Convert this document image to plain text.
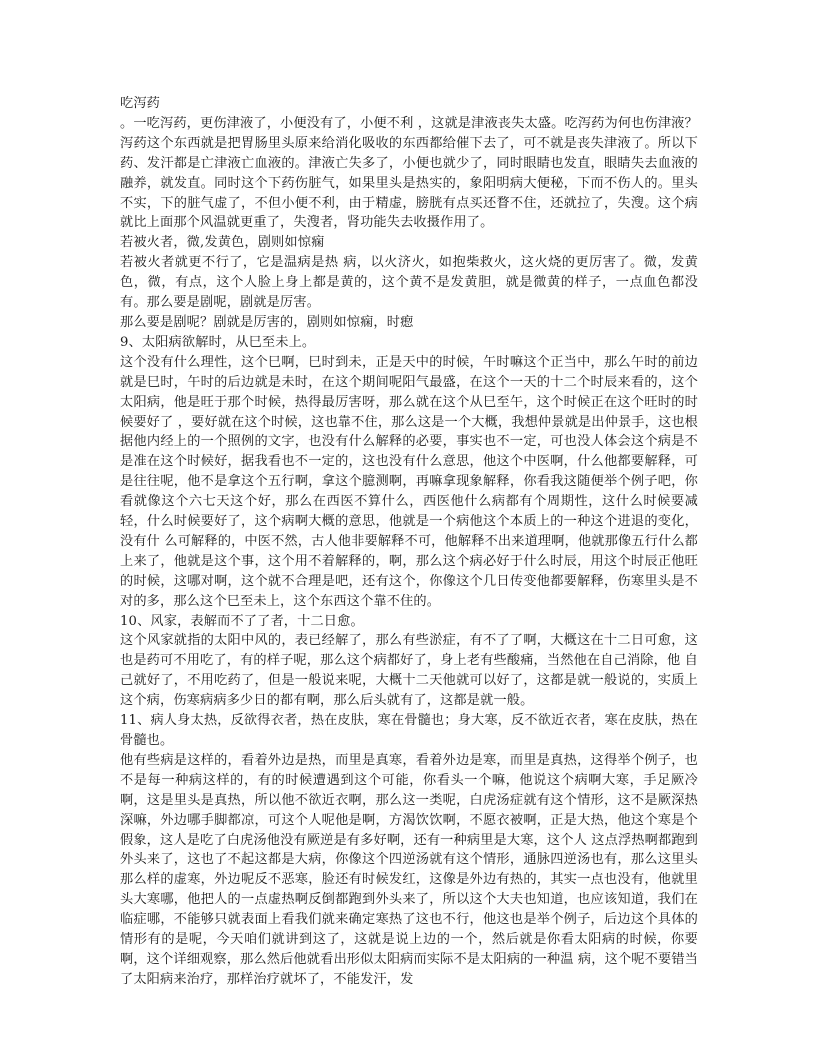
吃泻药

。一吃泻药，更伤津液了，小便没有了，小便不利 ，这就是津液丧失太盛。吃泻药为何也伤津液？

泻药这个东西就是把胃肠里头原来给消化吸收的东西都给催下去了，可不就是丧失津液了。所以下药、发汗都是亡津液亡血液的。津液亡失多了，小便也就少了，同时眼睛也发直，眼睛失去血液的融养，就发直。同时这个下药伤脏气，如果里头是热实的，象阳明病大便秘，下而不伤人的。里头不实，下的脏气虚了，不但小便不利，由于精虚，膀胱有点买还瞀不住，还就拉了，失溲。这个病就比上面那个风温就更重了，失溲者，肾功能失去收摄作用了。

若被火者，微,发黄色，剧则如惊痫

若被火者就更不行了，它是温病是热 病，以火济火，如抱柴救火，这火烧的更厉害了。微，发黄色，微，有点，这个人脸上身上都是黄的，这个黄不是发黄胆，就是微黄的样子，一点血色都没有。那么要是剧呢，剧就是厉害。

那么要是剧呢？剧就是厉害的，剧则如惊痫，时瘛

9、太阳病欲解时，从巳至未上。

这个没有什么理性，这个巳啊，巳时到未，正是天中的时候，午时嘛这个正当中，那么午时的前边就是巳时，午时的后边就是未时，在这个期间呢阳气最盛，在这个一天的十二个时辰来看的，这个太阳病，他是旺于那个时候，热得最厉害呀，那么就在这个从巳至午，这个时候正在这个旺时的时候要好了 ，要好就在这个时候，这也靠不住，那么这是一个大概，我想仲景就是出仲景手，这也根据他内经上的一个照例的文字，也没有什么解释的必要，事实也不一定，可也没人体会这个病是不是准在这个时候好，据我看也不一定的，这也没有什么意思，他这个中医啊，什么他都要解释，可是往往呢，他不是拿这个五行啊，拿这个臆测啊，再嘛拿现象解释，你看我这随便举个例子吧，你看就像这个六七天这个好，那么在西医不算什么，西医他什么病都有个周期性，这什么时候要减轻，什么时候要好了，这个病啊大概的意思，他就是一个病他这个本质上的一种这个进退的变化，没有什 么可解释的，中医不然，古人他非要解释不可，他解释不出来道理啊，他就那像五行什么都上来了，他就是这个事，这个用不着解释的，啊，那么这个病必好于什么时辰，用这个时辰正他旺的时候，这哪对啊，这个就不合理是吧，还有这个，你像这个几日传变他都要解释，伤寒里头是不对的多，那么这个巳至未上，这个东西这个靠不住的。

10、风家，表解而不了了者，十二日愈。

这个风家就指的太阳中风的，表已经解了，那么有些淤症，有不了了啊，大概这在十二日可愈，这也是药可不用吃了，有的样子呢，那么这个病都好了，身上老有些酸痛，当然他在自己消除，他 自己就好了，不用吃药了，但是一般说来呢，大概十二天他就可以好了，这都是就一般说的，实质上这个病，伤寒病病多少日的都有啊，那么后头就有了，这都是就一般。

11、病人身太热，反欲得衣者，热在皮肤，寒在骨髓也；身大寒，反不欲近衣者，寒在皮肤，热在骨髓也。

他有些病是这样的，看着外边是热，而里是真寒，看着外边是寒，而里是真热，这得举个例子，也不是每一种病这样的，有的时候遭遇到这个可能，你看头一个嘛，他说这个病啊大寒，手足厥冷啊，这是里头是真热，所以他不欲近衣啊，那么这一类呢，白虎汤症就有这个情形，这不是厥深热深嘛，外边哪手脚都凉，可这个人呢他是啊，方渴饮饮啊，不愿衣被啊，正是大热，他这个寒是个假象，这人是吃了白虎汤他没有厥逆是有多好啊，还有一种病里是大寒，这个人 这点浮热啊都跑到外头来了，这也了不起这都是大病，你像这个四逆汤就有这个情形，通脉四逆汤也有，那么这里头那么样的虚寒，外边呢反不恶寒，脸还有时候发红，这像是外边有热的，其实一点也没有，他就里头大寒哪，他把人的一点虚热啊反倒都跑到外头来了，所以这个大夫也知道，也应该知道，我们在临症哪，不能够只就表面上看我们就来确定寒热了这也不行，他这也是举个例子，后边这个具体的情形有的是呢，今天咱们就讲到这了，这就是说上边的一个，然后就是你看太阳病的时候，你要啊，这个详细观察，那么然后他就看出形似太阳病而实际不是太阳病的一种温 病，这个呢不要错当了太阳病来治疗，那样治疗就坏了，不能发汗，发
